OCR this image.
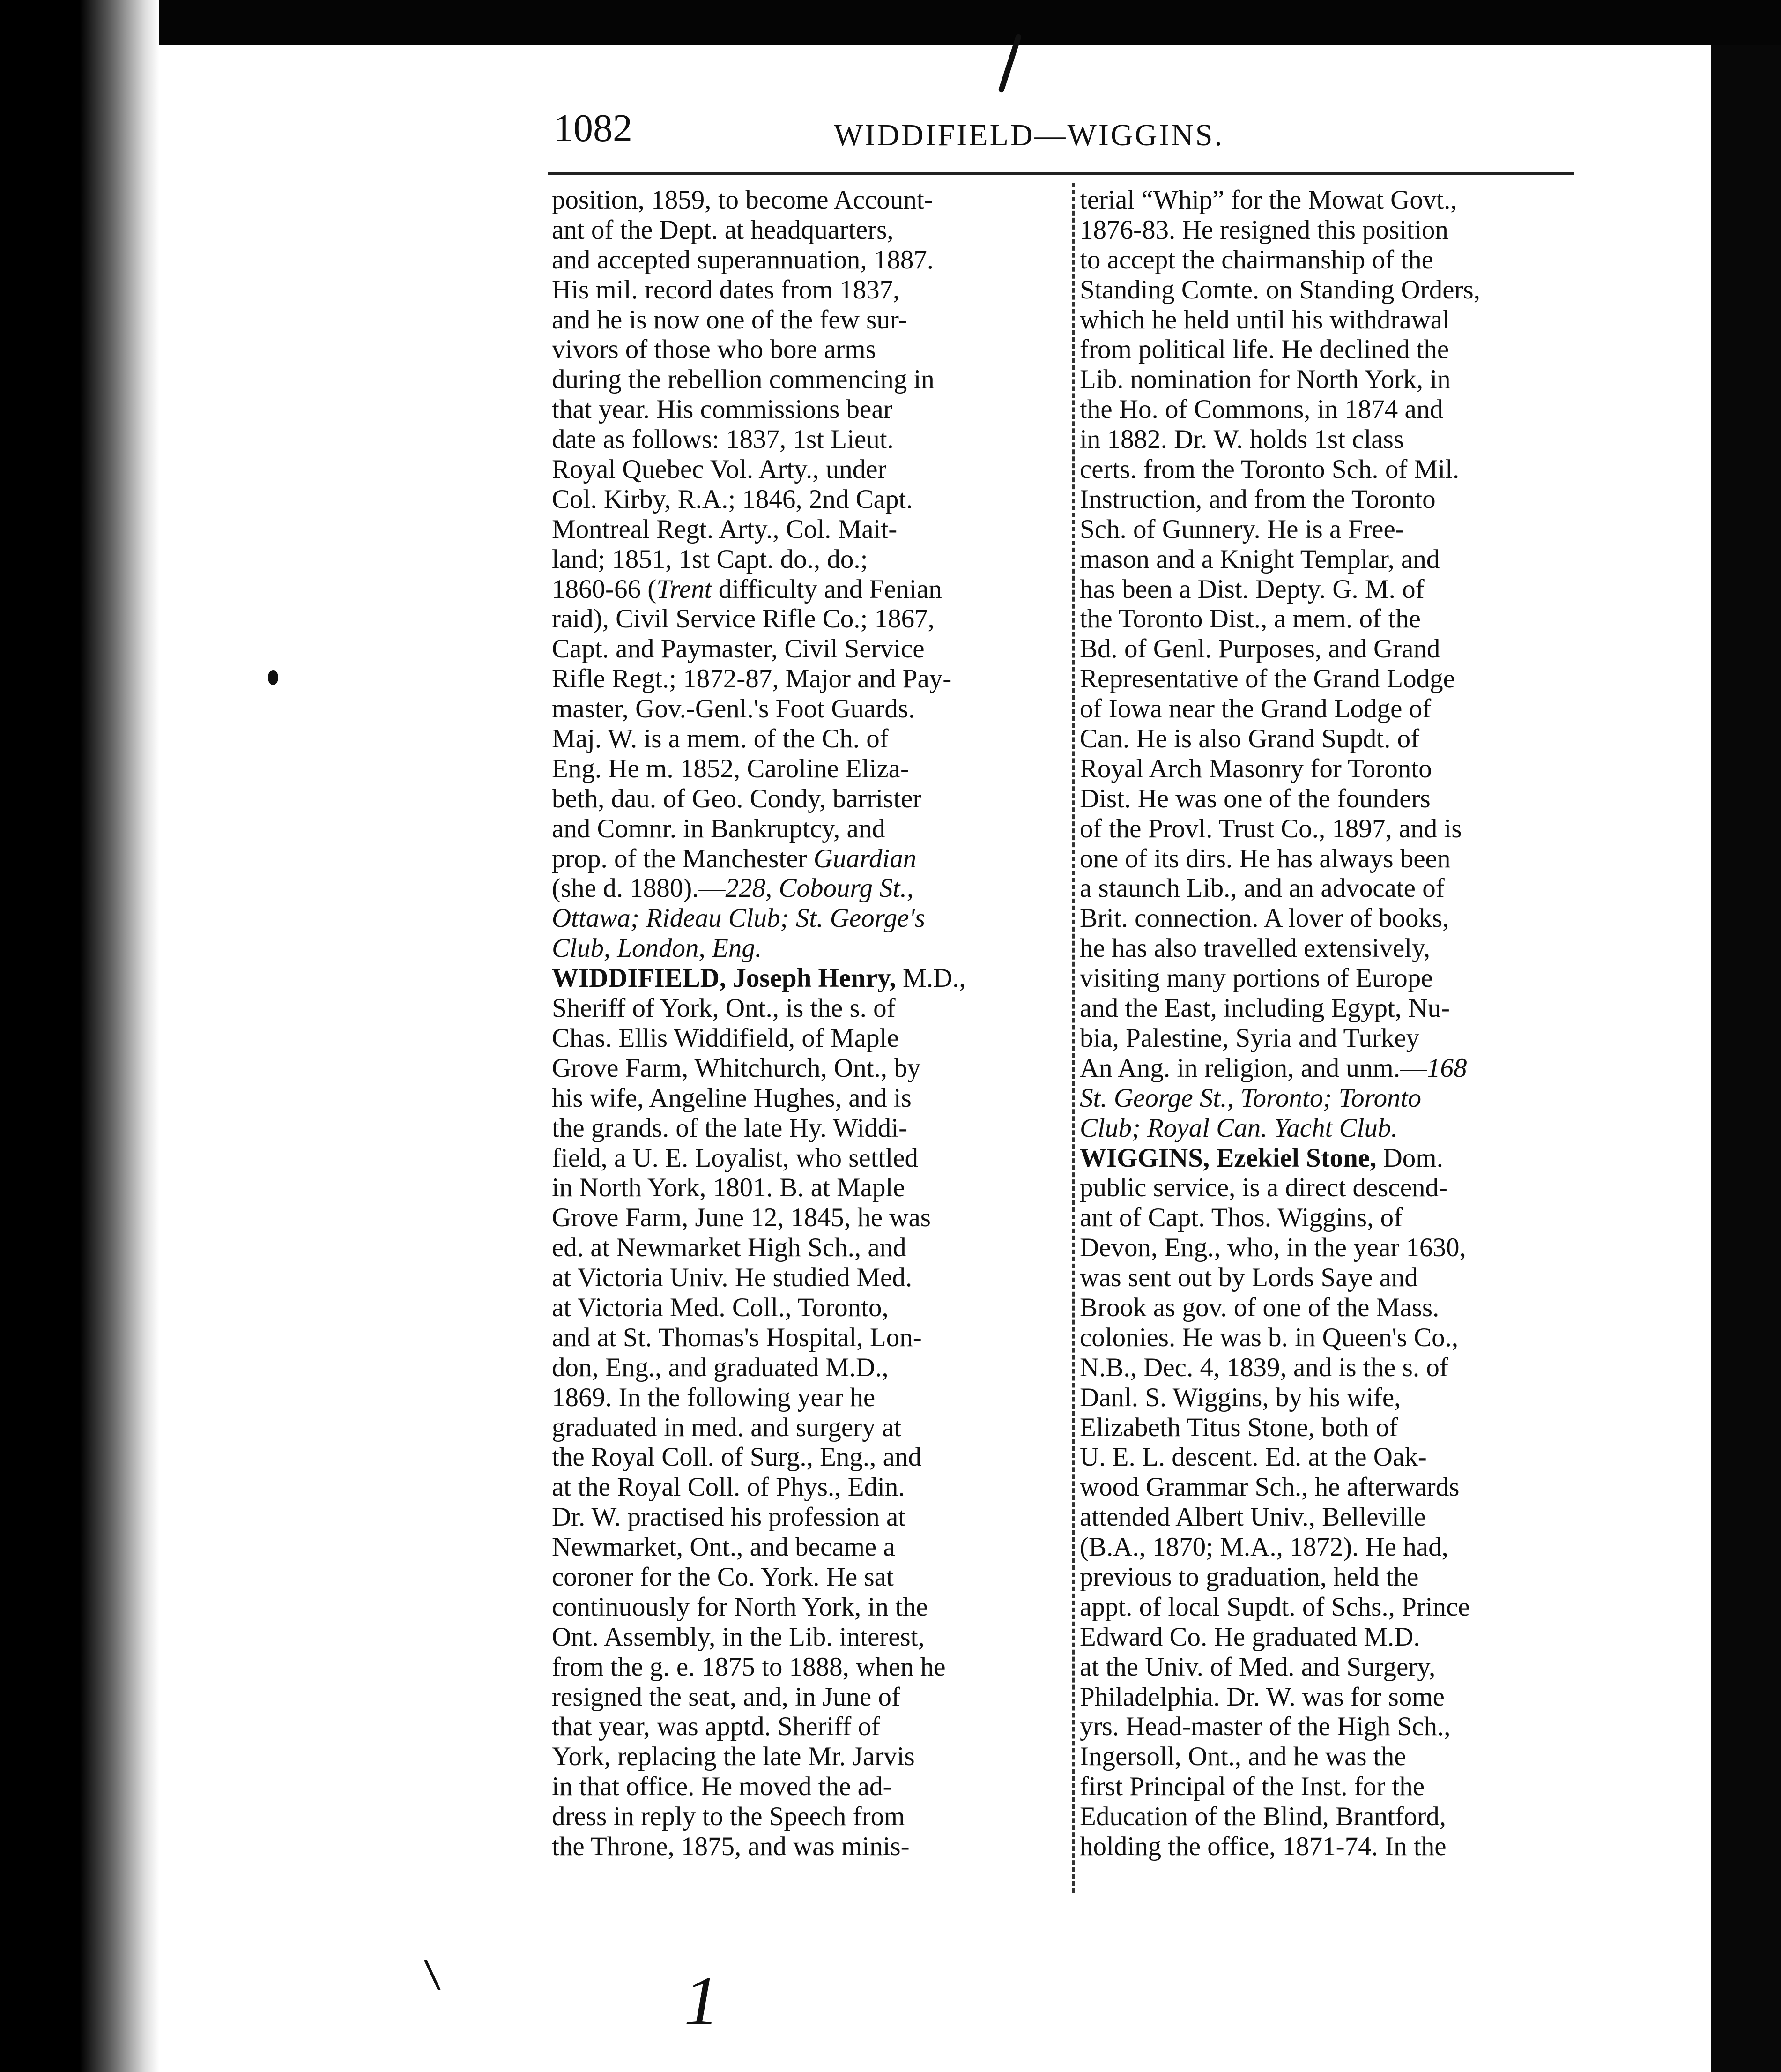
1082	WIDDIFIELD—WIGGINS.
position, 1859, to become Account-
ant of the Dept. at headquarters,
and accepted superannuation, 1887.
His mil. record dates from 1837,
and he is now one of the few sur-
vivors of those who bore arms
during the rebellion commencing in
that year. His commissions bear
date as follows: 1837, 1st Lieut.
Royal Quebec Vol. Arty., under
Col. Kirby, R.A.; 1846, 2nd Capt.
Montreal Regt. Arty., Col. Mait-
land; 1851, 1st Capt. do., do.;
1860-66 (Trent difficulty and Fenian
raid), Civil Service Rifle Co.; 1867,
Capt. and Paymaster, Civil Service
Rifle Regt.; 1872-87, Major and Pay-
master, Gov.-Genl.'s Foot Guards.
Maj. W. is a mem. of the Ch. of
Eng. He m. 1852, Caroline Eliza-
beth, dau. of Geo. Condy, barrister
and Comnr. in Bankruptcy, and
prop. of the Manchester Guardian
(she d. 1880).—228, Cobourg St.,
Ottawa; Rideau Club; St. George's
Club, London, Eng.
WIDDIFIELD, Joseph Henry, M.D.,
Sheriff of York, Ont., is the s. of
Chas. Ellis Widdifield, of Maple
Grove Farm, Whitchurch, Ont., by
his wife, Angeline Hughes, and is
the grands. of the late Hy. Widdi-
field, a U. E. Loyalist, who settled
in North York, 1801. B. at Maple
Grove Farm, June 12, 1845, he was
ed. at Newmarket High Sch., and
at Victoria Univ. He studied Med.
at Victoria Med. Coll., Toronto,
and at St. Thomas's Hospital, Lon-
don, Eng., and graduated M.D.,
1869. In the following year he
graduated in med. and surgery at
the Royal Coll. of Surg., Eng., and
at the Royal Coll. of Phys., Edin.
Dr. W. practised his profession at
Newmarket, Ont., and became a
coroner for the Co. York. He sat
continuously for North York, in the
Ont. Assembly, in the Lib. interest,
from the g. e. 1875 to 1888, when he
resigned the seat, and, in June of
that year, was apptd. Sheriff of
York, replacing the late Mr. Jarvis
in that office. He moved the ad-
dress in reply to the Speech from
the Throne, 1875, and was minis-
terial “Whip” for the Mowat Govt.,
1876-83. He resigned this position
to accept the chairmanship of the
Standing Comte. on Standing Orders,
which he held until his withdrawal
from political life. He declined the
Lib. nomination for North York, in
the Ho. of Commons, in 1874 and
in 1882. Dr. W. holds 1st class
certs. from the Toronto Sch. of Mil.
Instruction, and from the Toronto
Sch. of Gunnery. He is a Free-
mason and a Knight Templar, and
has been a Dist. Depty. G. M. of
the Toronto Dist., a mem. of the
Bd. of Genl. Purposes, and Grand
Representative of the Grand Lodge
of Iowa near the Grand Lodge of
Can. He is also Grand Supdt. of
Royal Arch Masonry for Toronto
Dist. He was one of the founders
of the Provl. Trust Co., 1897, and is
one of its dirs. He has always been
a staunch Lib., and an advocate of
Brit. connection. A lover of books,
he has also travelled extensively,
visiting many portions of Europe
and the East, including Egypt, Nu-
bia, Palestine, Syria and Turkey
An Ang. in religion, and unm.—168
St. George St., Toronto; Toronto
Club; Royal Can. Yacht Club.
WIGGINS, Ezekiel Stone, Dom.
public service, is a direct descend-
ant of Capt. Thos. Wiggins, of
Devon, Eng., who, in the year 1630,
was sent out by Lords Saye and
Brook as gov. of one of the Mass.
colonies. He was b. in Queen's Co.,
N.B., Dec. 4, 1839, and is the s. of
Danl. S. Wiggins, by his wife,
Elizabeth Titus Stone, both of
U. E. L. descent. Ed. at the Oak-
wood Grammar Sch., he afterwards
attended Albert Univ., Belleville
(B.A., 1870; M.A., 1872). He had,
previous to graduation, held the
appt. of local Supdt. of Schs., Prince
Edward Co. He graduated M.D.
at the Univ. of Med. and Surgery,
Philadelphia. Dr. W. was for some
yrs. Head-master of the High Sch.,
Ingersoll, Ont., and he was the
first Principal of the Inst. for the
Education of the Blind, Brantford,
holding the office, 1871-74. In the
1
